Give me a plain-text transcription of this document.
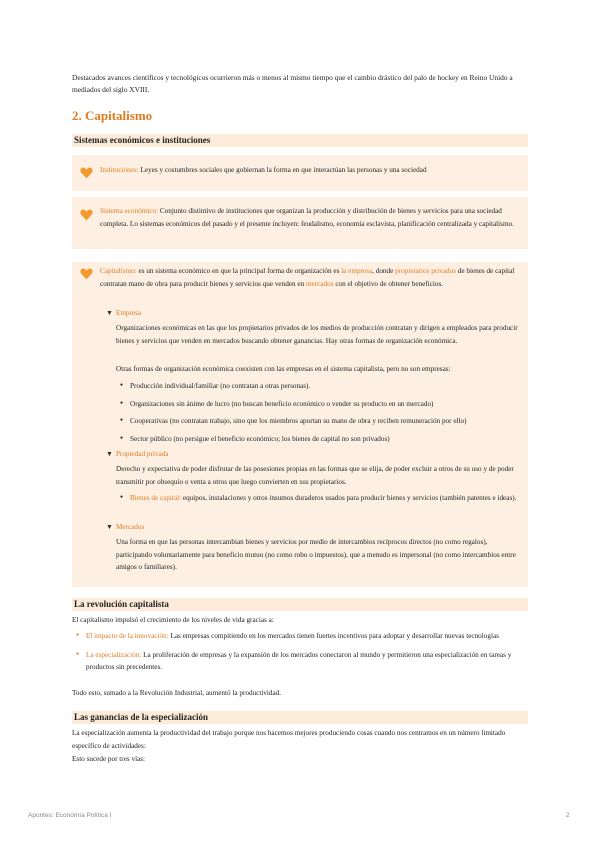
Destacados avances científicos y tecnológicos ocurrieron más o menos al mismo tiempo que el cambio drástico del palo de hockey en Reino Unido a mediados del siglo XVIII.
2. Capitalismo
Sistemas económicos e instituciones
Instituciones: Leyes y costumbres sociales que gobiernan la forma en que interactúan las personas y una sociedad
Sistema económico: Conjunto distintivo de instituciones que organizan la producción y distribución de bienes y servicios para una sociedad completa. Lo sistemas económicos del pasado y el presente incluyen: feudalismo, economía esclavista, planificación centralizada y capitalismo.
Capitalismo: es un sistema económico en que la principal forma de organización es la empresa, donde propietarios privados de bienes de capital contratan mano de obra para producir bienes y servicios que venden en mercados con el objetivo de obtener beneficios.
▼ Empresa
Organizaciones económicas en las que los propietarios privados de los medios de producción contratan y dirigen a empleados para producir bienes y servicios que venden en mercados buscando obtener ganancias. Hay otras formas de organización económica.
Otras formas de organización económica coexisten con las empresas en el sistema capitalista, pero no son empresas:
● Producción individual/familiar (no contratan a otras personas).
● Organizaciones sin ánimo de lucro (no buscan beneficio económico o vender su producto en un mercado)
● Cooperativas (no contratan trabajo, sino que los miembros aportan su mano de obra y reciben remuneración por ello)
● Sector público (no persigue el beneficio económico; los bienes de capital no son privados)
▼ Propiedad privada
Derecho y expectativa de poder disfrutar de las posesiones propias en las formas que se elija, de poder excluir a otros de su uso y de poder transmitir por obsequio o venta a otros que luego convierten en sus propietarios.
● Bienes de capital: equipos, instalaciones y otros insumos duraderos usados para producir bienes y servicios (también patentes e ideas).
▼ Mercados
Una forma en que las personas intercambian bienes y servicios por medio de intercambios recíprocos directos (no como regalos), participando voluntariamente para beneficio mutuo (no como robo o impuestos), que a menudo es impersonal (no como intercambios entre amigos o familiares).
La revolución capitalista
El capitalismo impulsó el crecimiento de los niveles de vida gracias a:
● El impacto de la innovación: Las empresas compitiendo en los mercados tienen fuertes incentivos para adoptar y desarrollar nuevas tecnologías
● La especialización: La proliferación de empresas y la expansión de los mercados conectaron al mundo y permitieron una especialización en tareas y productos sin precedentes.
Todo esto, sumado a la Revolución Industrial, aumentó la productividad.
Las ganancias de la especialización
La especialización aumenta la productividad del trabajo porque nos hacemos mejores produciendo cosas cuando nos centramos en un número limitado específico de actividades:
Esto sucede por tres vías:
Apuntes: Economía Política I	2
